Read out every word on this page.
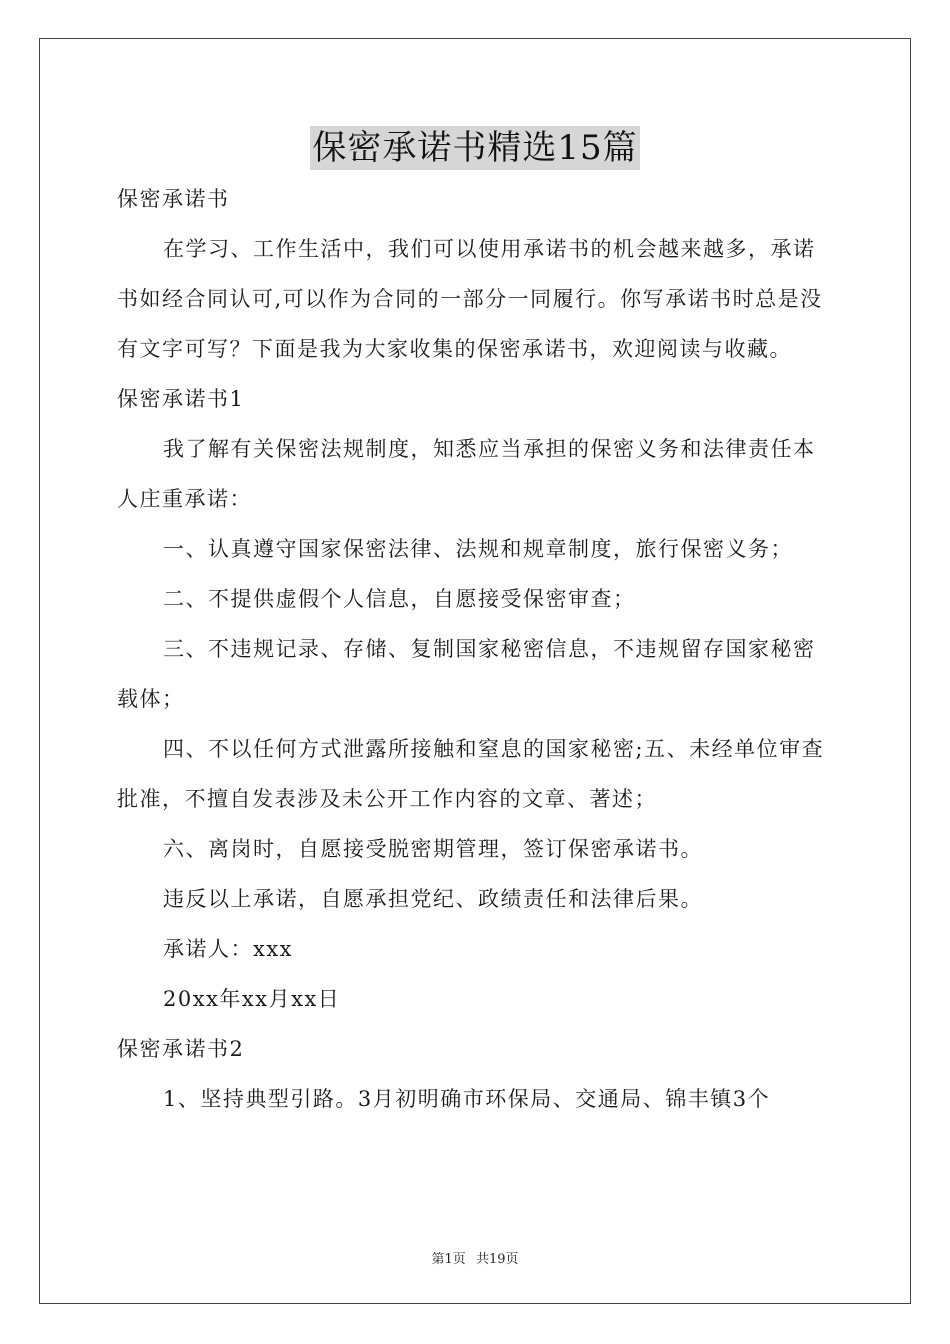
保密承诺书精选15篇

保密承诺书

在学习、工作生活中，我们可以使用承诺书的机会越来越多，承诺书如经合同认可,可以作为合同的一部分一同履行。你写承诺书时总是没有文字可写？下面是我为大家收集的保密承诺书，欢迎阅读与收藏。

保密承诺书1

我了解有关保密法规制度，知悉应当承担的保密义务和法律责任本人庄重承诺：

一、认真遵守国家保密法律、法规和规章制度，旅行保密义务；

二、不提供虚假个人信息，自愿接受保密审查；

三、不违规记录、存储、复制国家秘密信息，不违规留存国家秘密载体；

四、不以任何方式泄露所接触和窒息的国家秘密;五、未经单位审查批准，不擅自发表涉及未公开工作内容的文章、著述；

六、离岗时，自愿接受脱密期管理，签订保密承诺书。

违反以上承诺，自愿承担党纪、政绩责任和法律后果。

承诺人：xxx

20xx年xx月xx日

保密承诺书2

1、坚持典型引路。3月初明确市环保局、交通局、锦丰镇3个

第1页 共19页
